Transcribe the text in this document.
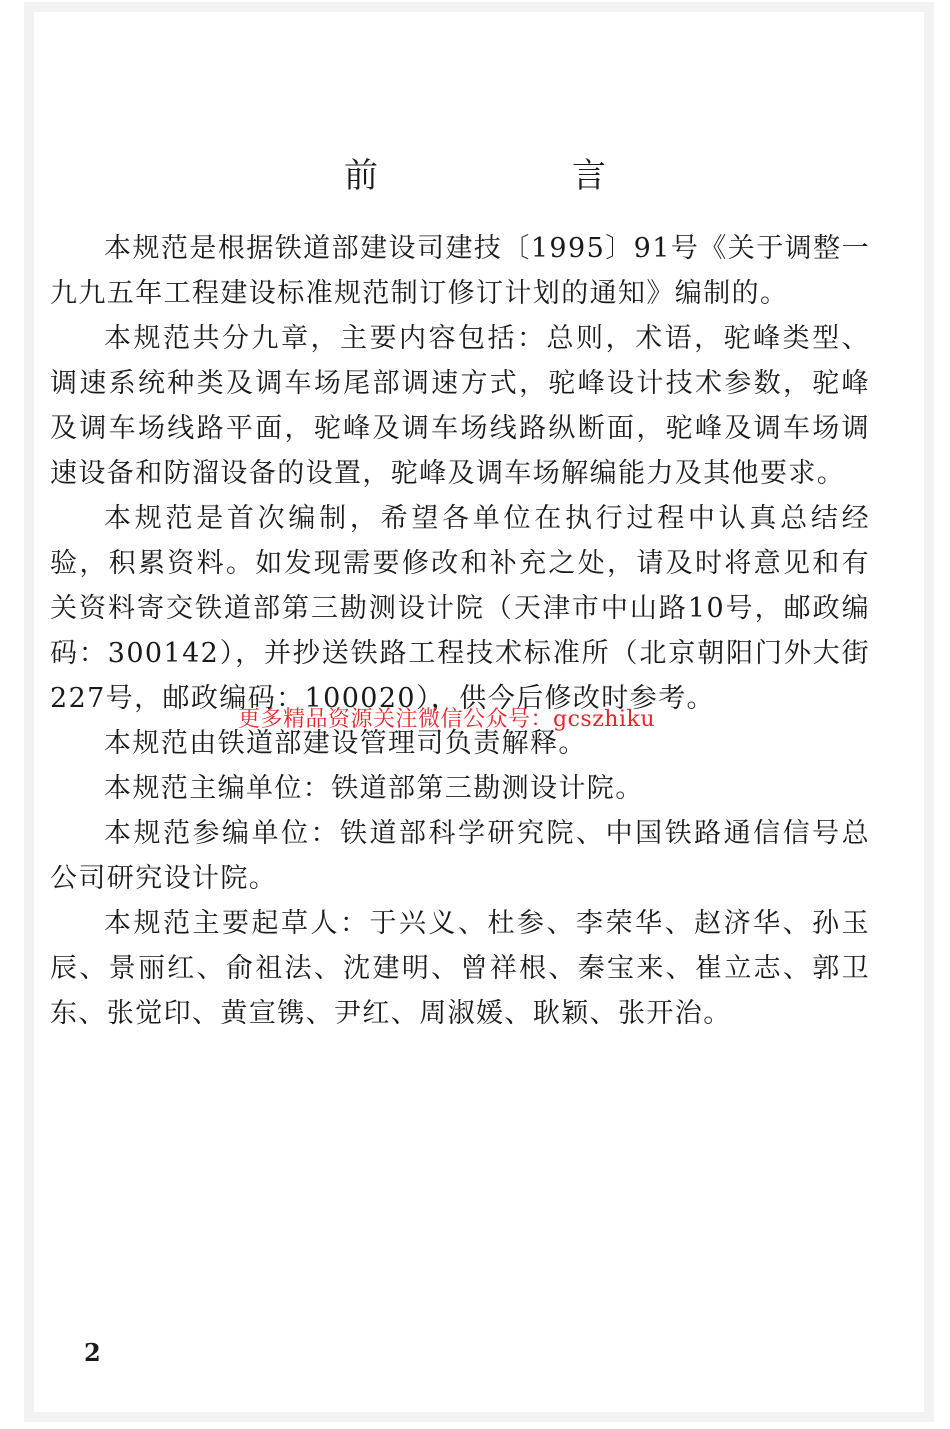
前　言

本规范是根据铁道部建设司建技〔1995〕91号《关于调整一九九五年工程建设标准规范制订修订计划的通知》编制的。

本规范共分九章，主要内容包括：总则，术语，驼峰类型、调速系统种类及调车场尾部调速方式，驼峰设计技术参数，驼峰及调车场线路平面，驼峰及调车场线路纵断面，驼峰及调车场调速设备和防溜设备的设置，驼峰及调车场解编能力及其他要求。

本规范是首次编制，希望各单位在执行过程中认真总结经验，积累资料。如发现需要修改和补充之处，请及时将意见和有关资料寄交铁道部第三勘测设计院（天津市中山路10号，邮政编码：300142），并抄送铁路工程技术标准所（北京朝阳门外大街227号，邮政编码：100020），供今后修改时参考。

本规范由铁道部建设管理司负责解释。

本规范主编单位：铁道部第三勘测设计院。

本规范参编单位：铁道部科学研究院、中国铁路通信信号总公司研究设计院。

本规范主要起草人：于兴义、杜参、李荣华、赵济华、孙玉辰、景丽红、俞祖法、沈建明、曾祥根、秦宝来、崔立志、郭卫东、张觉印、黄宣镌、尹红、周淑媛、耿颖、张开治。

更多精品资源关注微信公众号：gcszhiku
2
